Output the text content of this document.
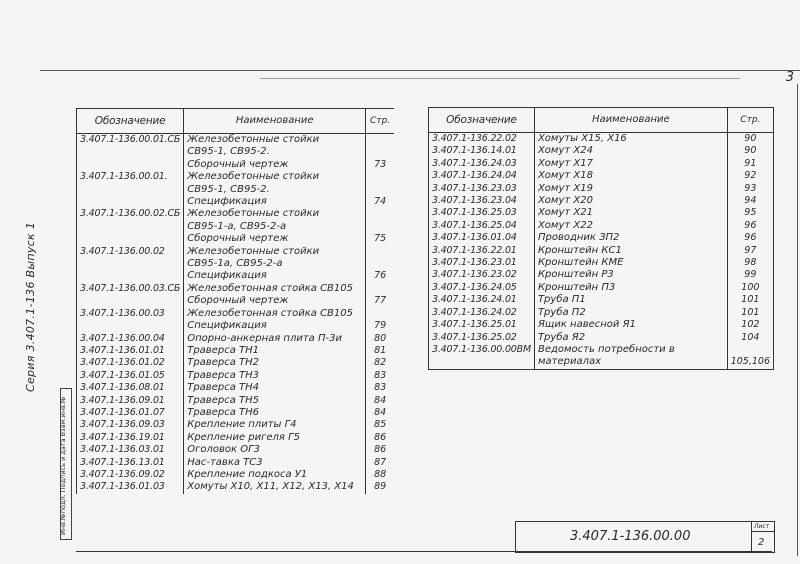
3
Серия 3.407.1-136 Выпуск 1
Инв.№подл. Подпись и дата Взам.инв.№
Обозначение	Наименование	Стр.
3.407.1-136.00.01.СБ	Железобетонные стойки	
	СВ95-1, СВ95-2.	
	Сборочный чертеж	73
3.407.1-136.00.01.	Железобетонные стойки	
	СВ95-1, СВ95-2.	
	Спецификация	74
3.407.1-136.00.02.СБ	Железобетонные стойки	
	СВ95-1-а, СВ95-2-а	
	Сборочный чертеж	75
3.407.1-136.00.02	Железобетонные стойки	
	СВ95-1а, СВ95-2-а	
	Спецификация	76
3.407.1-136.00.03.СБ	Железобетонная стойка СВ105	
	Сборочный чертеж	77
3.407.1-136.00.03	Железобетонная стойка СВ105	
	Спецификация	79
3.407.1-136.00.04	Опорно-анкерная плита П-3и	80
3.407.1-136.01.01	Траверса ТН1	81
3.407.1-136.01.02	Траверса ТН2	82
3.407.1-136.01.05	Траверса ТН3	83
3.407.1-136.08.01	Траверса ТН4	83
3.407.1-136.09.01	Траверса ТН5	84
3.407.1-136.01.07	Траверса ТН6	84
3.407.1-136.09.03	Крепление плиты Г4	85
3.407.1-136.19.01	Крепление ригеля Г5	86
3.407.1-136.03.01	Оголовок ОГ3	86
3.407.1-136.13.01	Нас-тавка ТС3	87
3.407.1-136.09.02	Крепление подкоса У1	88
3.407.1-136.01.03	Хомуты Х10, Х11, Х12, Х13, Х14	89
Обозначение	Наименование	Стр.
3.407.1-136.22.02	Хомуты Х15, Х16	90
3.407.1-136.14.01	Хомут Х24	90
3.407.1-136.24.03	Хомут Х17	91
3.407.1-136.24.04	Хомут Х18	92
3.407.1-136.23.03	Хомут Х19	93
3.407.1-136.23.04	Хомут Х20	94
3.407.1-136.25.03	Хомут Х21	95
3.407.1-136.25.04	Хомут Х22	96
3.407.1-136.01.04	Проводник ЗП2	96
3.407.1-136.22.01	Кронштейн КС1	97
3.407.1-136.23.01	Кронштейн КМЕ	98
3.407.1-136.23.02	Кронштейн Р3	99
3.407.1-136.24.05	Кронштейн П3	100
3.407.1-136.24.01	Труба П1	101
3.407.1-136.24.02	Труба П2	101
3.407.1-136.25.01	Ящик навесной Я1	102
3.407.1-136.25.02	Труба Я2	104
3.407.1-136.00.00ВМ	Ведомость потребности в	
	материалах	105,106
3.407.1-136.00.00
Лист
2
